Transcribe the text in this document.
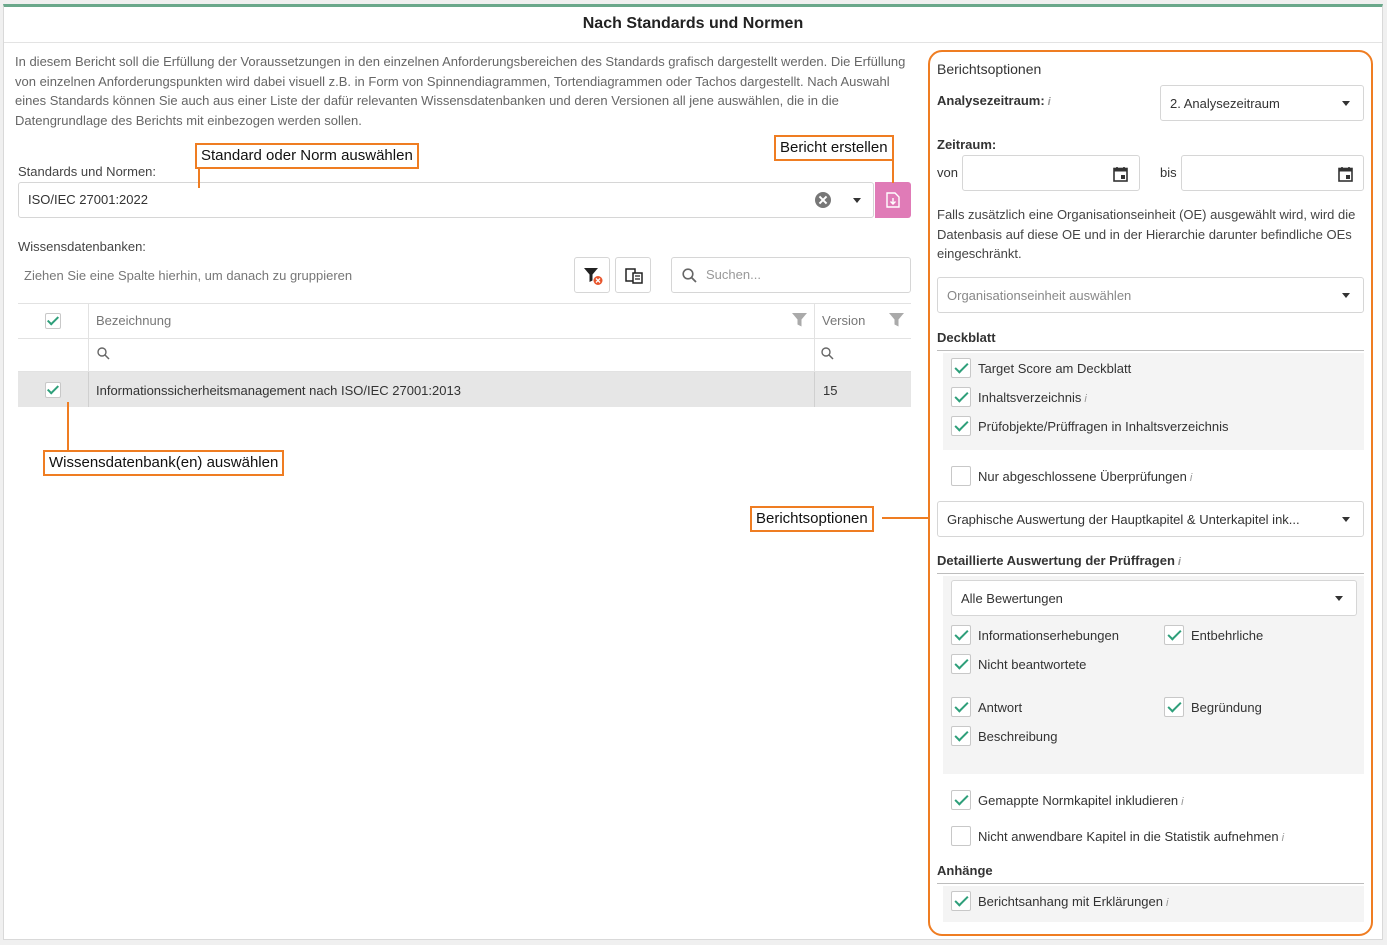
Nach Standards und Normen
In diesem Bericht soll die Erfüllung der Voraussetzungen in den einzelnen Anforderungsbereichen des Standards grafisch dargestellt werden. Die Erfüllung von einzelnen Anforderungspunkten wird dabei visuell z.B. in Form von Spinnendiagrammen, Tortendiagrammen oder Tachos dargestellt. Nach Auswahl eines Standards können Sie auch aus einer Liste der dafür relevanten Wissensdatenbanken und deren Versionen all jene auswählen, die in die Datengrundlage des Berichts mit einbezogen werden sollen.
Standards und Normen:
ISO/IEC 27001:2022
Wissensdatenbanken:
Ziehen Sie eine Spalte hierhin, um danach zu gruppieren	Suchen...
Bezeichnung	Version
Informationssicherheitsmanagement nach ISO/IEC 27001:2013	15
Standard oder Norm auswählen	Bericht erstellen
Wissensdatenbank(en) auswählen
Berichtsoptionen
Berichtsoptionen
Analysezeitraum: i	2. Analysezeitraum
Zeitraum:
von	bis
Falls zusätzlich eine Organisationseinheit (OE) ausgewählt wird, wird die Datenbasis auf diese OE und in der Hierarchie darunter befindliche OEs eingeschränkt.
Organisationseinheit auswählen
Deckblatt
Target Score am Deckblatt
Inhaltsverzeichnis i
Prüfobjekte/Prüffragen in Inhaltsverzeichnis
Nur abgeschlossene Überprüfungen i
Graphische Auswertung der Hauptkapitel & Unterkapitel ink...
Detaillierte Auswertung der Prüffragen i
Alle Bewertungen
Informationserhebungen	Entbehrliche
Nicht beantwortete
Antwort	Begründung
Beschreibung
Gemappte Normkapitel inkludieren i
Nicht anwendbare Kapitel in die Statistik aufnehmen i
Anhänge
Berichtsanhang mit Erklärungen i
